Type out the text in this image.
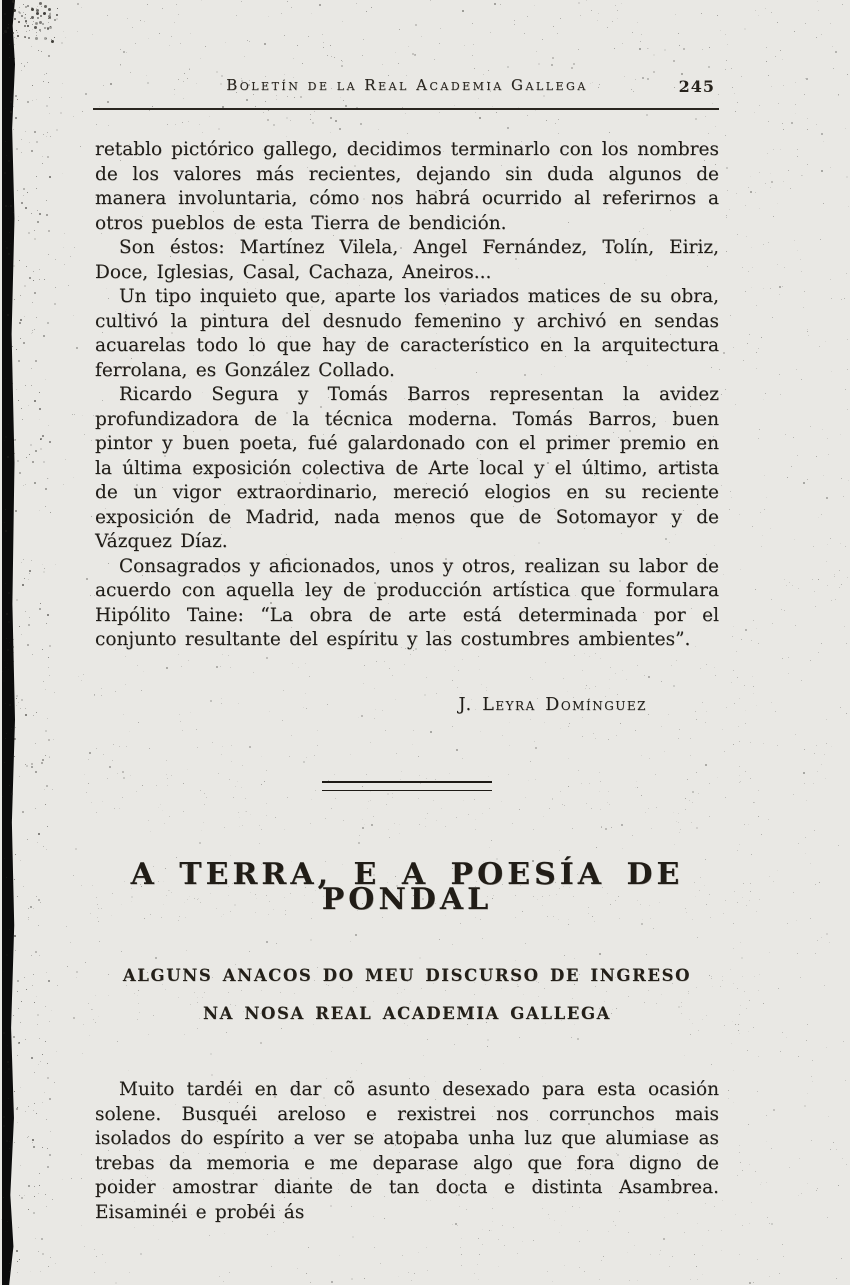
Boletín de la Real Academia Gallega	245

retablo pictórico gallego, decidimos terminarlo con los nombres de los valores más recientes, dejando sin duda algunos de manera involuntaria, cómo nos habrá ocurrido al referirnos a otros pueblos de esta Tierra de bendición.

Son éstos: Martínez Vilela, Angel Fernández, Tolín, Eiriz, Doce, Iglesias, Casal, Cachaza, Aneiros...

Un tipo inquieto que, aparte los variados matices de su obra, cultivó la pintura del desnudo femenino y archivó en sendas acuarelas todo lo que hay de característico en la arquitectura ferrolana, es González Collado.

Ricardo Segura y Tomás Barros representan la avidez profundizadora de la técnica moderna. Tomás Barros, buen pintor y buen poeta, fué galardonado con el primer premio en la última exposición colectiva de Arte local y el último, artista de un vigor extraordinario, mereció elogios en su reciente exposición de Madrid, nada menos que de Sotomayor y de Vázquez Díaz.

Consagrados y aficionados, unos y otros, realizan su labor de acuerdo con aquella ley de producción artística que formulara Hipólito Taine: “La obra de arte está determinada por el conjunto resultante del espíritu y las costumbres ambientes”.

J. Leyra Domínguez

A TERRA, E A POESÍA DE PONDAL

ALGUNS ANACOS DO MEU DISCURSO DE INGRESO

NA NOSA REAL ACADEMIA GALLEGA

Muito tardéi en dar cõ asunto desexado para esta ocasión solene. Busquéi areloso e rexistrei nos corrunchos mais isolados do espírito a ver se atopaba unha luz que alumiase as trebas da memoria e me deparase algo que fora digno de poider amostrar diante de tan docta e distinta Asambrea. Eisaminéi e probéi ás
